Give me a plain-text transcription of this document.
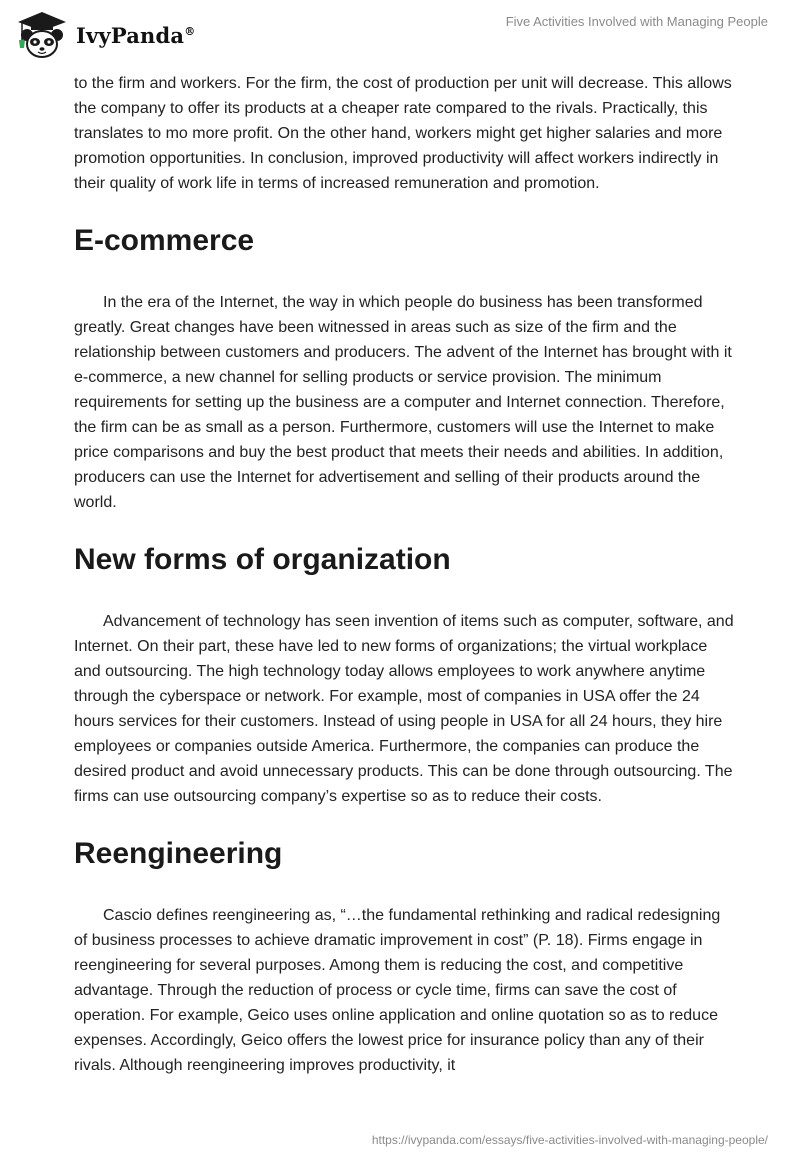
IvyPanda®
Five Activities Involved with Managing People

to the firm and workers. For the firm, the cost of production per unit will decrease. This allows the company to offer its products at a cheaper rate compared to the rivals. Practically, this translates to mo more profit. On the other hand, workers might get higher salaries and more promotion opportunities. In conclusion, improved productivity will affect workers indirectly in their quality of work life in terms of increased remuneration and promotion.

E-commerce

In the era of the Internet, the way in which people do business has been transformed greatly. Great changes have been witnessed in areas such as size of the firm and the relationship between customers and producers. The advent of the Internet has brought with it e-commerce, a new channel for selling products or service provision. The minimum requirements for setting up the business are a computer and Internet connection. Therefore, the firm can be as small as a person. Furthermore, customers will use the Internet to make price comparisons and buy the best product that meets their needs and abilities. In addition, producers can use the Internet for advertisement and selling of their products around the world.

New forms of organization

Advancement of technology has seen invention of items such as computer, software, and Internet. On their part, these have led to new forms of organizations; the virtual workplace and outsourcing. The high technology today allows employees to work anywhere anytime through the cyberspace or network. For example, most of companies in USA offer the 24 hours services for their customers. Instead of using people in USA for all 24 hours, they hire employees or companies outside America. Furthermore, the companies can produce the desired product and avoid unnecessary products. This can be done through outsourcing. The firms can use outsourcing company’s expertise so as to reduce their costs.

Reengineering

Cascio defines reengineering as, “…the fundamental rethinking and radical redesigning of business processes to achieve dramatic improvement in cost” (P. 18). Firms engage in reengineering for several purposes. Among them is reducing the cost, and competitive advantage. Through the reduction of process or cycle time, firms can save the cost of operation. For example, Geico uses online application and online quotation so as to reduce expenses. Accordingly, Geico offers the lowest price for insurance policy than any of their rivals. Although reengineering improves productivity, it

https://ivypanda.com/essays/five-activities-involved-with-managing-people/
